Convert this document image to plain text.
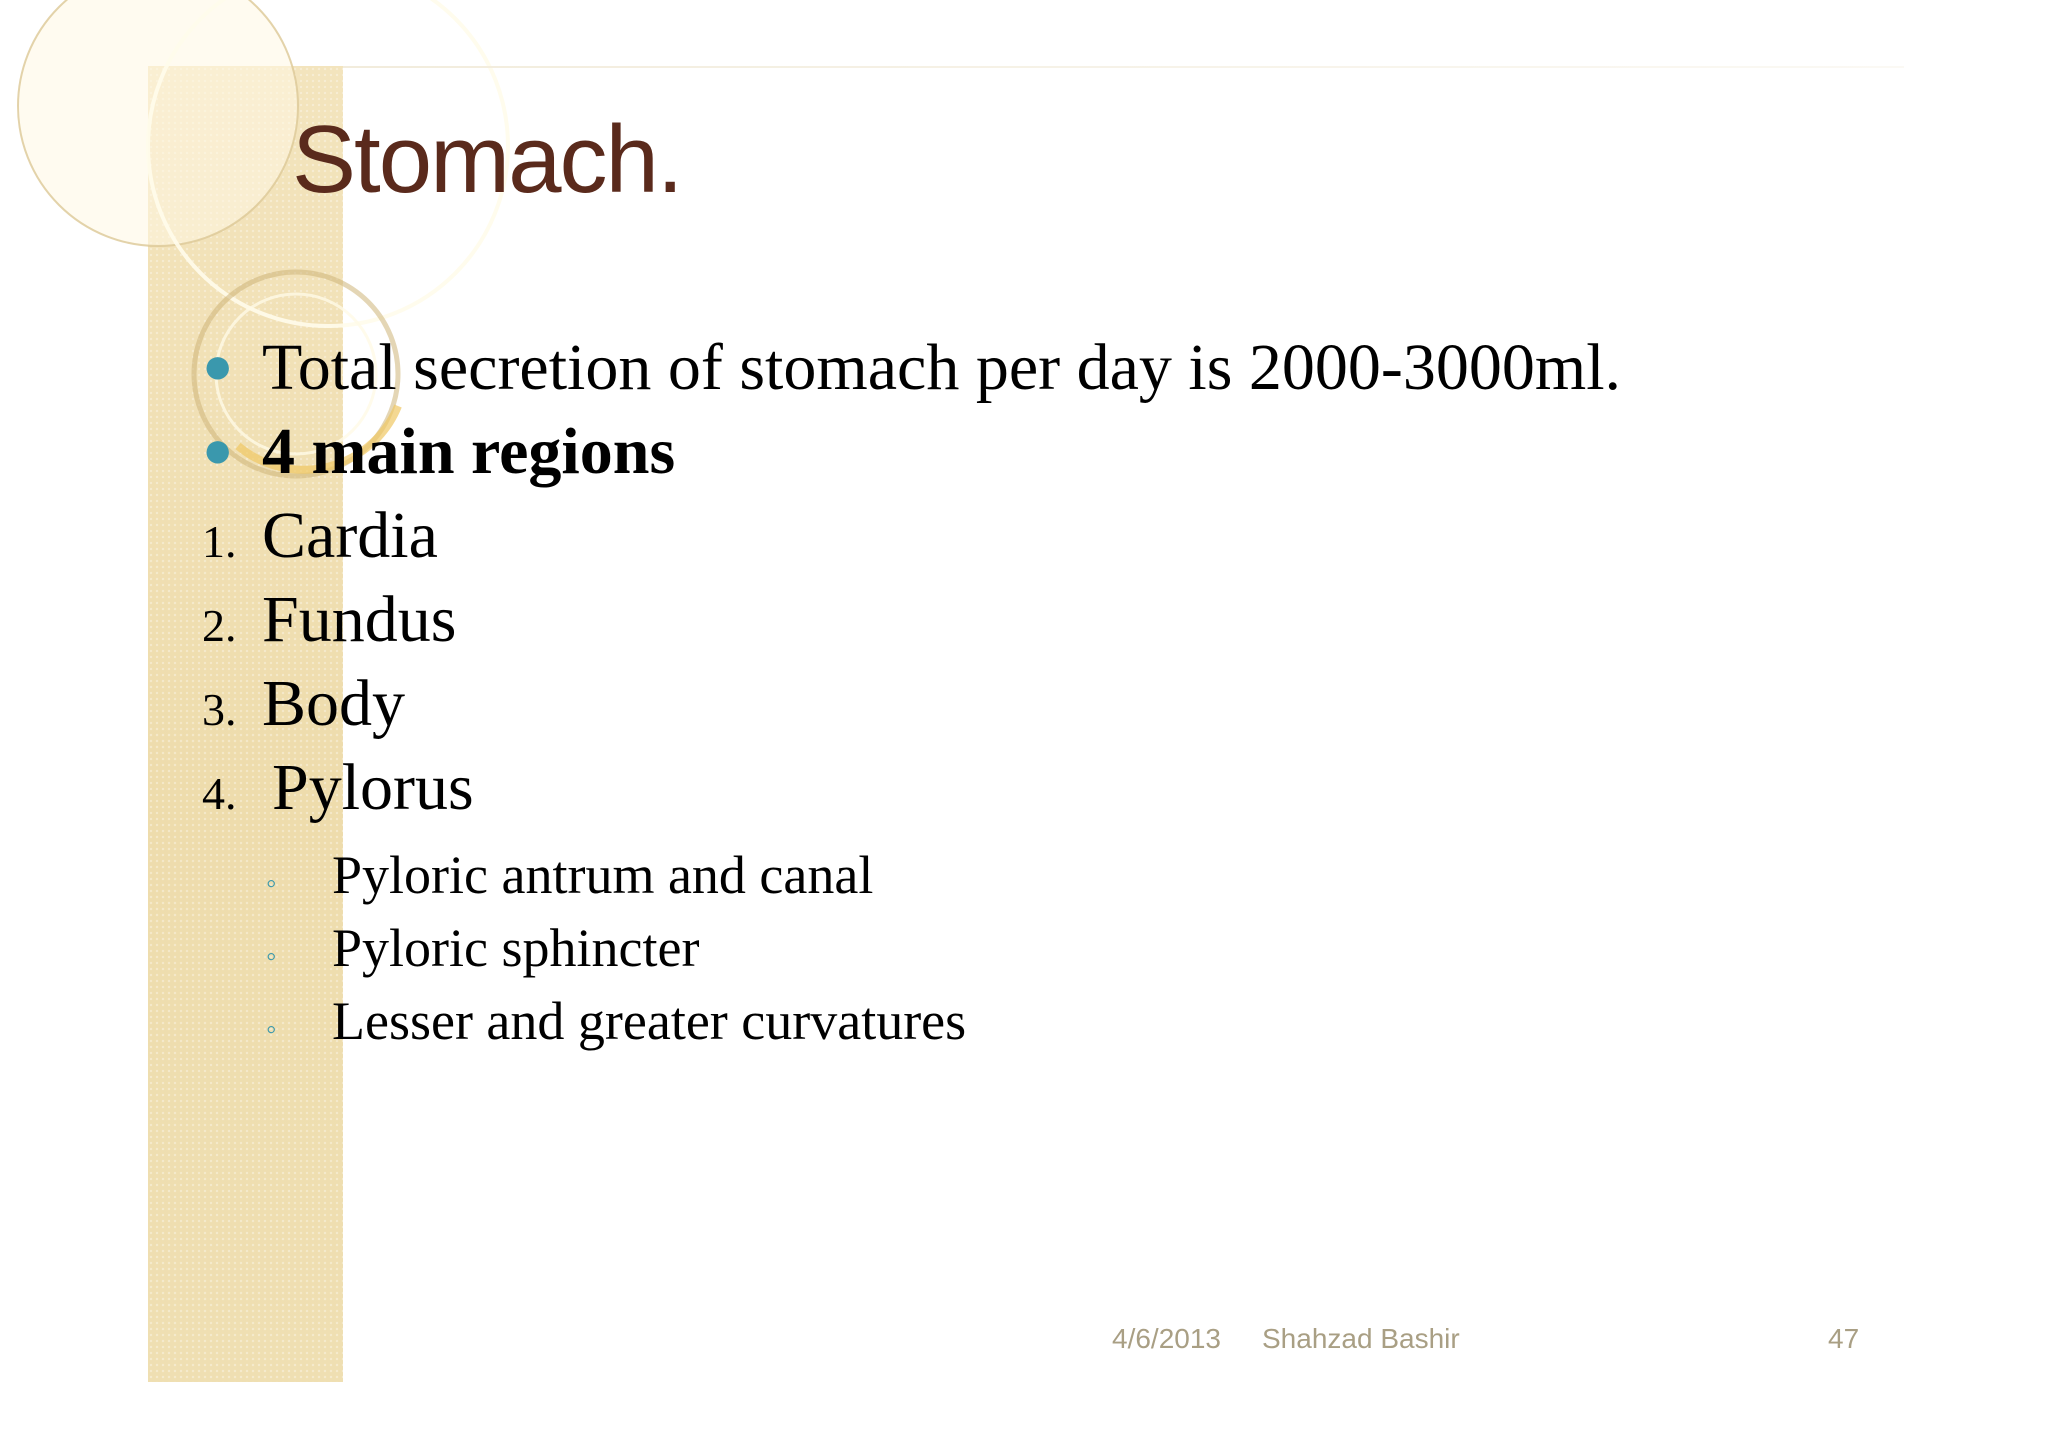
Stomach.
● Total secretion of stomach per day is 2000-3000ml.
● 4 main regions
1. Cardia
2. Fundus
3. Body
4. Pylorus
◦	Pyloric antrum and canal
◦	Pyloric sphincter
◦	Lesser and greater curvatures
4/6/2013 Shahzad Bashir	47
